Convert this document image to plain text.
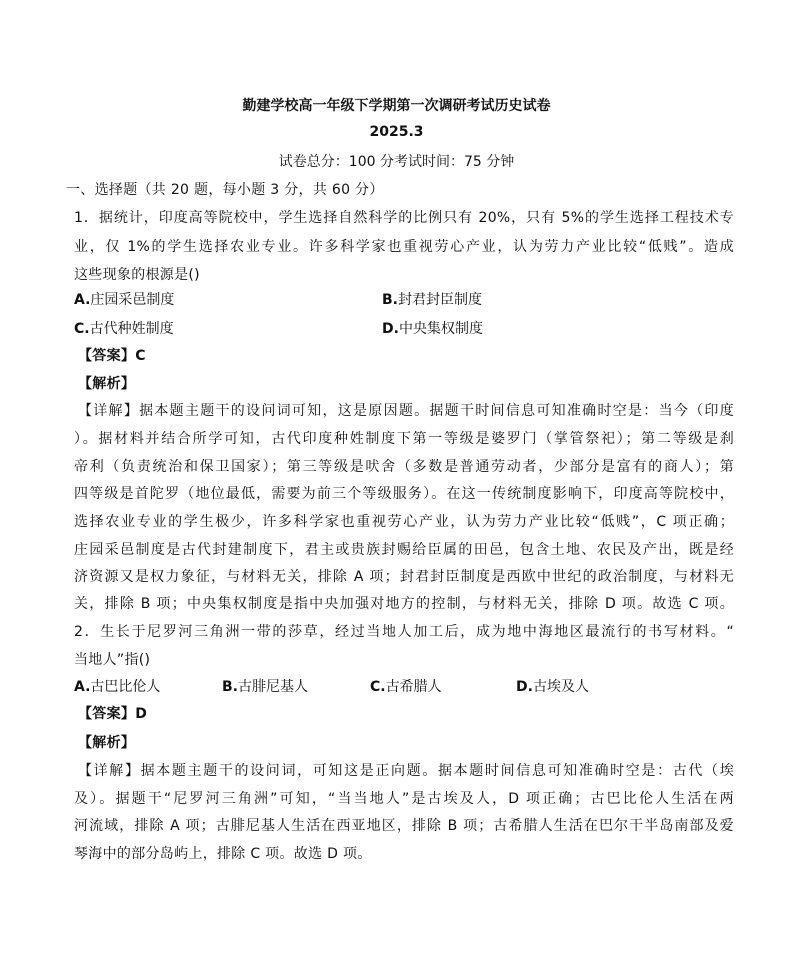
勤建学校高一年级下学期第一次调研考试历史试卷
2025.3
试卷总分：100 分考试时间：75 分钟
一、选择题（共 20 题，每小题 3 分，共 60 分）
1．据统计，印度高等院校中，学生选择自然科学的比例只有 20%，只有 5%的学生选择工程技术专
业，仅 1%的学生选择农业专业。许多科学家也重视劳心产业，认为劳力产业比较“低贱”。造成
这些现象的根源是()
A.庄园采邑制度	B.封君封臣制度
C.古代种姓制度	D.中央集权制度
【答案】C
【解析】
【详解】据本题主题干的设问词可知，这是原因题。据题干时间信息可知准确时空是：当今（印度
）。据材料并结合所学可知，古代印度种姓制度下第一等级是婆罗门（掌管祭祀）；第二等级是刹
帝利（负责统治和保卫国家）；第三等级是吠舍（多数是普通劳动者，少部分是富有的商人）；第
四等级是首陀罗（地位最低，需要为前三个等级服务）。在这一传统制度影响下，印度高等院校中，
选择农业专业的学生极少，许多科学家也重视劳心产业，认为劳力产业比较“低贱”，C 项正确；
庄园采邑制度是古代封建制度下，君主或贵族封赐给臣属的田邑，包含土地、农民及产出，既是经
济资源又是权力象征，与材料无关，排除 A 项；封君封臣制度是西欧中世纪的政治制度，与材料无
关，排除 B 项；中央集权制度是指中央加强对地方的控制，与材料无关，排除 D 项。故选 C 项。
2．生长于尼罗河三角洲一带的莎草，经过当地人加工后，成为地中海地区最流行的书写材料。“
当地人”指()
A.古巴比伦人	B.古腓尼基人	C.古希腊人	D.古埃及人
【答案】D
【解析】
【详解】据本题主题干的设问词，可知这是正向题。据本题时间信息可知准确时空是：古代（埃
及）。据题干“尼罗河三角洲”可知，“当当地人”是古埃及人，D 项正确；古巴比伦人生活在两
河流域，排除 A 项；古腓尼基人生活在西亚地区，排除 B 项；古希腊人生活在巴尔干半岛南部及爱
琴海中的部分岛屿上，排除 C 项。故选 D 项。
